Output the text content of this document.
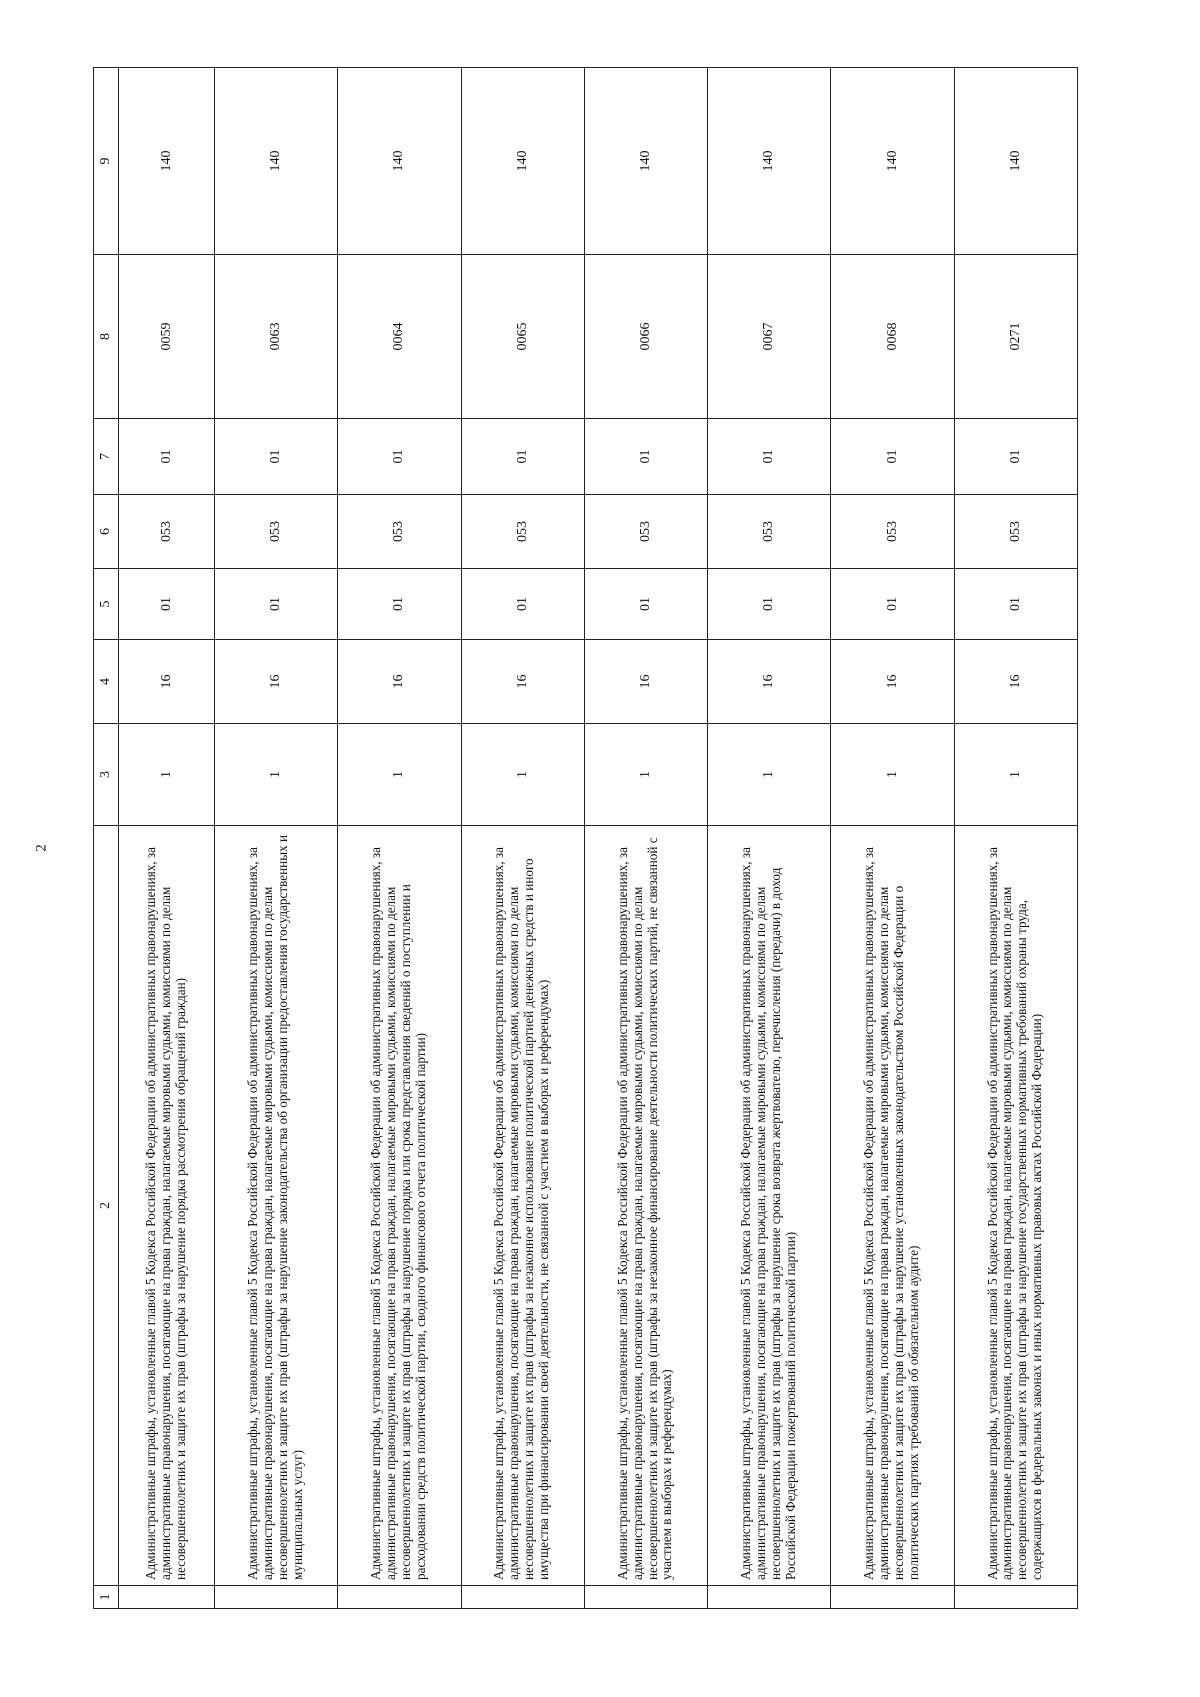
2
1	2	3	4	5	6	7	8	9
	Административные штрафы, установленные главой 5 Кодекса Российской Федерации об административных правонарушениях, за административные правонарушения, посягающие на права граждан, налагаемые мировыми судьями, комиссиями по делам несовершеннолетних и защите их прав (штрафы за нарушение порядка рассмотрения обращений граждан)	1	16	01	053	01	0059	140
	Административные штрафы, установленные главой 5 Кодекса Российской Федерации об административных правонарушениях, за административные правонарушения, посягающие на права граждан, налагаемые мировыми судьями, комиссиями по делам несовершеннолетних и защите их прав (штрафы за нарушение законодательства об организации предоставления государственных и муниципальных услуг)	1	16	01	053	01	0063	140
	Административные штрафы, установленные главой 5 Кодекса Российской Федерации об административных правонарушениях, за административные правонарушения, посягающие на права граждан, налагаемые мировыми судьями, комиссиями по делам несовершеннолетних и защите их прав (штрафы за нарушение порядка или срока представления сведений о поступлении и расходовании средств политической партии, сводного финансового отчета политической партии)	1	16	01	053	01	0064	140
	Административные штрафы, установленные главой 5 Кодекса Российской Федерации об административных правонарушениях, за административные правонарушения, посягающие на права граждан, налагаемые мировыми судьями, комиссиями по делам несовершеннолетних и защите их прав (штрафы за незаконное использование политической партией денежных средств и иного имущества при финансировании своей деятельности, не связанной с участием в выборах и референдумах)	1	16	01	053	01	0065	140
	Административные штрафы, установленные главой 5 Кодекса Российской Федерации об административных правонарушениях, за административные правонарушения, посягающие на права граждан, налагаемые мировыми судьями, комиссиями по делам несовершеннолетних и защите их прав (штрафы за незаконное финансирование деятельности политических партий, не связанной с участием в выборах и референдумах)	1	16	01	053	01	0066	140
	Административные штрафы, установленные главой 5 Кодекса Российской Федерации об административных правонарушениях, за административные правонарушения, посягающие на права граждан, налагаемые мировыми судьями, комиссиями по делам несовершеннолетних и защите их прав (штрафы за нарушение срока возврата жертвователю, перечисления (передачи) в доход Российской Федерации пожертвований политической партии)	1	16	01	053	01	0067	140
	Административные штрафы, установленные главой 5 Кодекса Российской Федерации об административных правонарушениях, за административные правонарушения, посягающие на права граждан, налагаемые мировыми судьями, комиссиями по делам несовершеннолетних и защите их прав (штрафы за нарушение установленных законодательством Российской Федерации о политических партиях требований об обязательном аудите)	1	16	01	053	01	0068	140
	Административные штрафы, установленные главой 5 Кодекса Российской Федерации об административных правонарушениях, за административные правонарушения, посягающие на права граждан, налагаемые мировыми судьями, комиссиями по делам несовершеннолетних и защите их прав (штрафы за нарушение государственных нормативных требований охраны труда, содержащихся в федеральных законах и иных нормативных правовых актах Российской Федерации)	1	16	01	053	01	0271	140
